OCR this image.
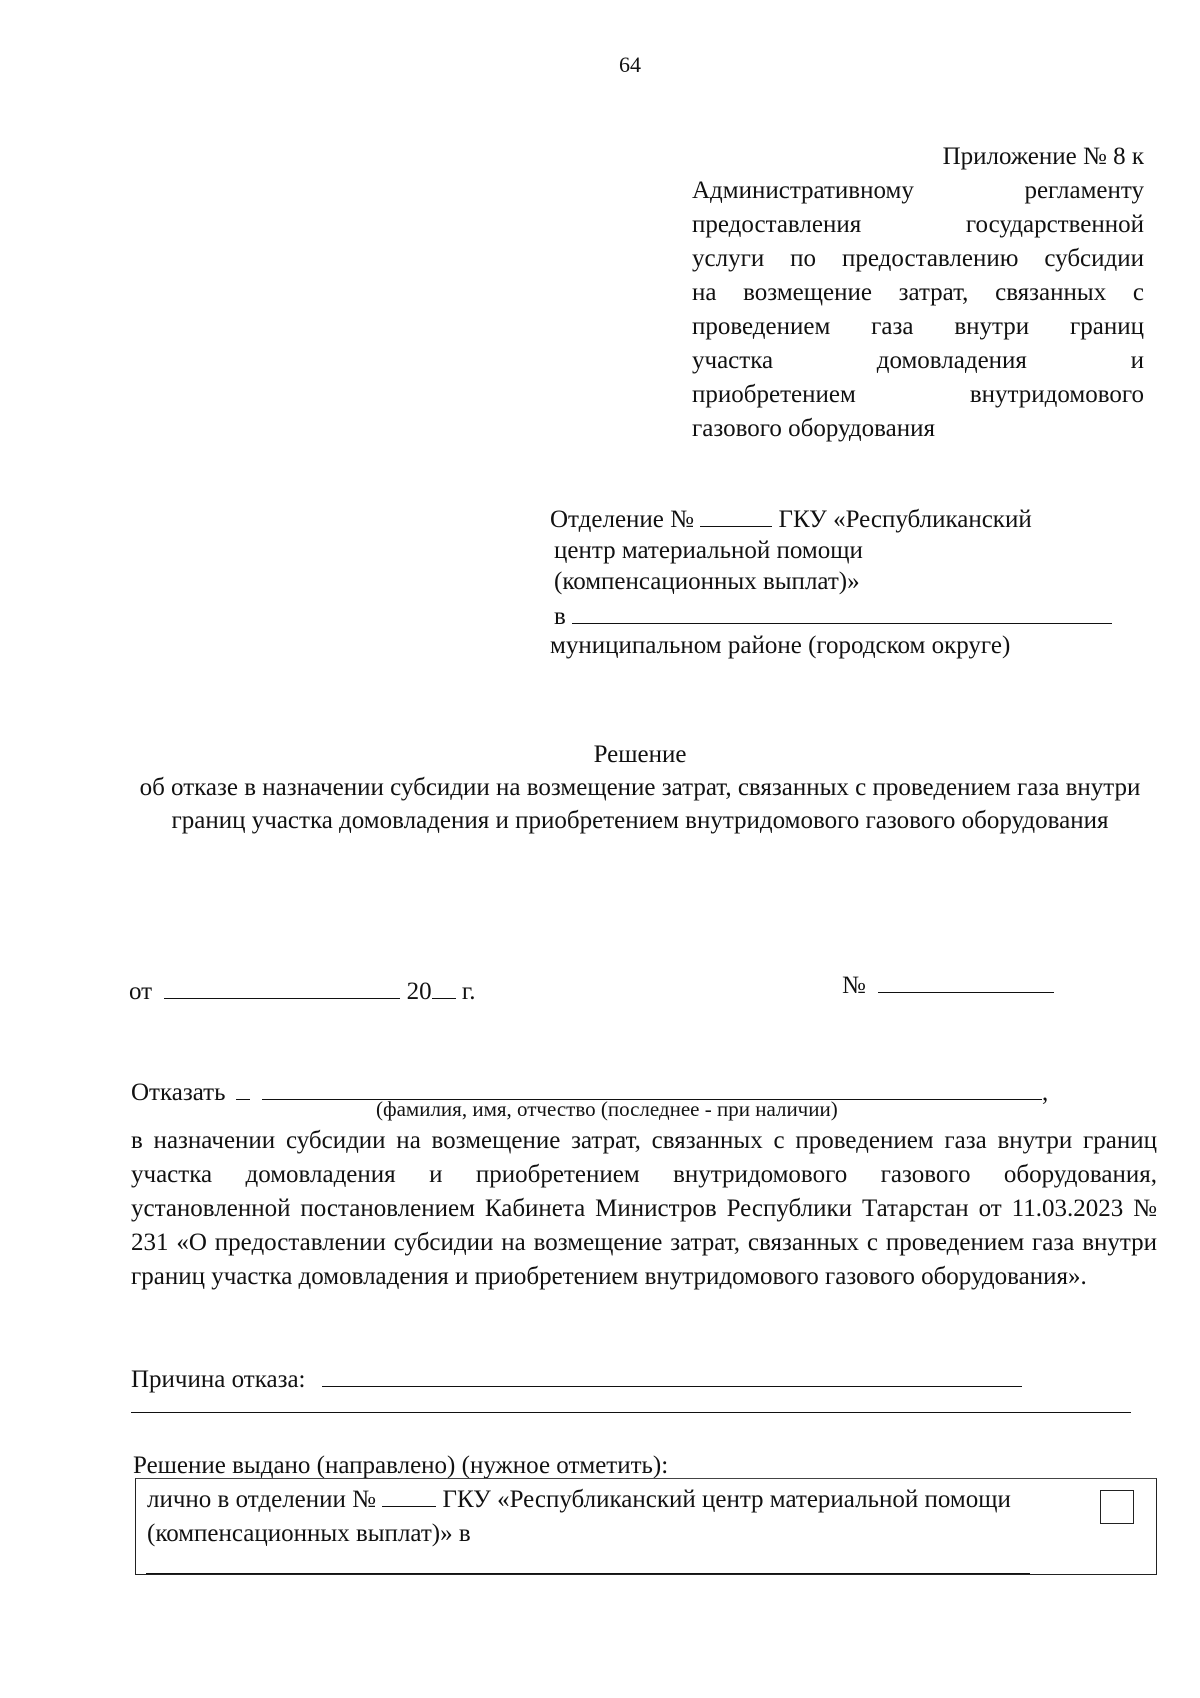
64
Приложение № 8 к
Административному регламенту
предоставления государственной
услуги по предоставлению субсидии
на возмещение затрат, связанных с
проведением газа внутри границ
участка домовладения и
приобретением внутридомового
газового оборудования
Отделение №	ГКУ «Республиканский
центр материальной помощи
(компенсационных выплат)»
в
муниципальном районе (городском округе)
Решение
об отказе в назначении субсидии на возмещение затрат, связанных с проведением газа внутри границ участка домовладения и приобретением внутридомового газового оборудования
от	20 г.	№
Отказать	,
(фамилия, имя, отчество (последнее - при наличии)
в назначении субсидии на возмещение затрат, связанных с проведением газа внутри границ участка домовладения и приобретением внутридомового газового оборудования, установленной постановлением Кабинета Министров Республики Татарстан от 11.03.2023 № 231 «О предоставлении субсидии на возмещение затрат, связанных с проведением газа внутри границ участка домовладения и приобретением внутридомового газового оборудования».
Причина отказа:
Решение выдано (направлено) (нужное отметить):
лично в отделении №	ГКУ «Республиканский центр материальной помощи (компенсационных выплат)» в
